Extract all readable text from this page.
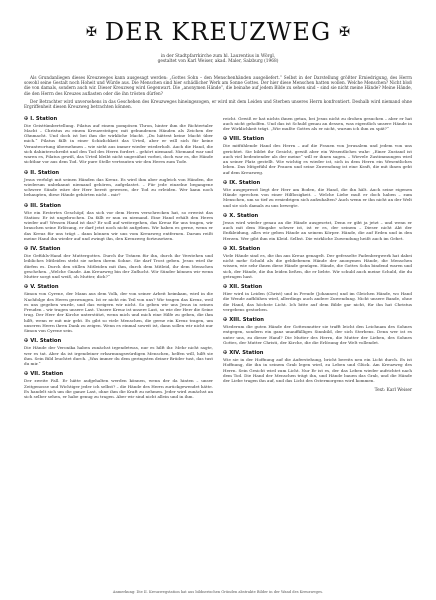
✠ DER KREUZWEG ✠
in der Stadtpfarrkirche zum hl. Laurentius in Wörgl,
gestaltet von Karl Weiser, akad. Maler, Salzburg (1968)

Als Grundanliegen dieses Kreuzweges kann ausgesagt werden: „Gottes Sohn – den Menschenhänden ausgeliefert.“ Selbst in der Darstellung größter Erniedrigung, des Herrn sowohl seine Gestalt noch Hoheit und Würde aus. Die Menschen sind hier schädlicher Werk am Sonne Gottes. Der hier diese Menschen hatten wollen. Welche Menschen? Nicht bloß die von damals, sondern auch wir. Dieser Kreuzweg wird Gegenwart. Die „anonymen Hände“, die beinahe auf jedem Bilde zu sehen sind – sind sie nicht meine Hände? Meine Hände, die den Herrn des Kreuzes auflasten oder die ihn trösten dürfen?

Der Betrachter wird unversehens in das Geschehen des Kreuzweges hineingezogen, er wird mit dem Leiden und Sterben unseres Herrn konfrontiert. Deshalb wird niemand ohne Ergriffenheit diesen Kreuzweg betrachten können.

✠ I. Station

Die Geisttümbertellung. Pilatus auf einem pompösen Thron, hinter ihm die Richtertaler Macht – Christus zu einem Kreuzesträger, mit gebundenen Händen als Zeichen der Ohnmacht. Und doch ist bei ihm die wirkliche Macht. „Du hättest keine Macht über mich.“ Pilatus fällt in einer Schizlichkeit das Urteil, aber er will sich für keine Verantwortung übernehmen – wie sieht aus immer wieder wiederholt. Auch die Hand, die sich dahinterschreibt und den Tod des Herrn fordert – gehört niemand. Niemand war und waren es, Pilatus gewiß, das Urteil bleibt nicht ungesühnt vorbei, doch war es, die Hände sichtbar vor aus dem Tod. Wir pure Stelle vertrauten wir den Herrn zum Tode.

✠ II. Station

Jesus verfolgt mit seinen Händen das Kreuz. Es wird ihm aber zugleich von Händen, die wiederum unbekannt niemand gehören, aufgelastet. – Für jede einzelne begangene schwere Sünde wäre der Herr bereit gewesen, der Tod zu erleiden. Wer kann noch behaupten, diese Hände gehörten nicht – mir?

✠ III. Station

Wie ein Erstertes Geschöpf, das sich vor dem Herrn verschrecken hat, so erweist das Station: Er ist ungebrochen. Da fällt er nun zu niemand. Eine Hand erhält den Herrn wieder auf! Wessen Hand ist das? Er soll auf weitergehen, das Kreuz für uns tragen, wir brauchen seine Erlösung, er darf jetzt noch nicht aufgeben. Wir haben es gerne, wenn er das Kreuz für uns trägt – dann können wir uns vom Kreuzweg entfernen. Darum reißt meine Hand ihn wieder auf und zwingt ihn, den Kreuzweg fortzusetzen.

✠ IV. Station

Die Gefühls-Hand der Muttergottes. Durch ihr Tränen für ihn, durch ihr Verstehen und leibliches Mitleiden steht sie neben ihrem Sohne. Sie darf Trost geben. Jesus wird ihr dürfen es. Durch den stillen Mitleiden mit ihm, durch dem Mitleid, ihr dem Menschen geschehen. „Welche Gnade. Am Kreuzweg bin der Zuflucht. Wir Sünder können wir wenn Mutter sorgt und weiß, oh Mutter, dich?“

✠ V. Station

Simon von Cyrene, der Mann aus dem Volk, der von seiner Arbeit heimkam, wird in die Nachfolge des Herrn gezwungen. Ist er nicht ein Teil von uns? Wir tragen das Kreuz, weil es uns gegeben wurde, und das weigern wir nicht. So geben wir uns Jesus in seinen Freuden – wir tragen unsere Last. Unsere Kreuz ist unsere Last, so wie der Herr die Seine trug. Der Herr der Kirche unterstützt, wenn mich und mich eine Hilfe zu geben, die ihm hilft, wenn er mit mir geht. Es gibt so viele Menschen, die gerne ein Kreuz tragen, um unseren Herrn ihren Dank zu zeigen. Wenn es einmal soweit ist, dann sollen wir nicht nur Simon von Cyrene sein.

✠ VI. Station

Die Hände der Veronika haben zunächst irgendetwas, nur es hilft ihr. Mehr nicht sagte, wer es tat. Aber da ist irgendeiner erbarmungswürdigen Menschen, helfen will, hilft sie ihm. Sein Bild leuchtet durch. „Was immer du dem geringsten deiner Brüder tust, das tust du mir.“

✠ VII. Station

Der zweite Fall. Er hätte aufgehalten werden können, wenn der da hinten – unser Zeitgenosse und Wichtiger jeder ich selbst? – die Hände des Herrn zurückgewendet hätte. Es handelt sich um die ganze Last, ohne ihm die Kraft zu nehmen. Jeder wird zunächst an sich selber sehen, er habe genug zu tragen. Aber wir sind nicht allein und in ihm.

reicht. Gewiß er hat nichts ihnen getan, bei Jesus nicht zu drohen gesuchen – aber er hat auch nicht geholfen. Und das ist Schuld genau an dessen, was eigentlich unsere Hände in der Wirklichkeit trägt. „Wie mußte Gottes als er nicht, warum ich ihm zu spät?“

✠ VIII. Station

Die mitfühlende Hand des Herrn – auf die Frauen von Jerusalem und jedem von uns gerichtet. Sie bildet ihr Gesicht, gewiß aber ein Wesentliches wahr: „Einer Zustand ist auch viel bedeutender als der meine“ will er ihnen sagen. – Wievele Zustimmungen wird an seiner Platz gestellt. Wie wichtig es wieder ist, sich in dem Herrn ein Wesentliches leben. Das Mitgefühl der Frauen und seine Zuwendung ist eine Kraft, die mit ihnen geht auf dem Kreuzweg.

✠ IX. Station

Wie ausgepresst liegt der Herr am Boden, die Hand, die ihn hält. Auch seine eigenen Hände sprechen von einer Hilflosigkeit. – Welche Liebe muß er doch haben – zum Menschen, um so tief zu erniedrigen sich aufzuhalten? Auch wenn er ihn nicht an der Welt und sie sich damals zu uns bewegte.

✠ X. Station

Jesus wird wieder genau an die Hände ausgesetzt, Denn er gibt ja jetzt – und wenn er auch mit dem Hingabe schwer ist, ist er es, der seinem – Dieser nicht Akt der Entkleidung, alles wir geben Hände an seinem Körper. Hände, die auf Erden und in den Herzen. Wer gibt ihm ein Kleid. Selbst. Die wirkliche Zuwendung heißt auch im Gebet.

✠ XI. Station

Viele Hände sind es, die ihn ans Kreuz genagelt. Der gefesselte Fadenbergwerk hat dabei nicht mehr Schuld als die gebliebenen Hände der anonymen Hände, die Menschen wissen, wie sehr ihnen diese Hände genügen. Hände, die Gottes Sohn bindend waren und sich, der Hände, die ihn leiden ließen, die er liebte. Wir schuld auch meine Schuld, die du getragen hast.

✠ XII. Station

Hier wird in Leiden (Christ) und in Freude (Johannes) und im Gleichen Hände, wo Hand die Wende aufblühen wird, allerdings auch andere Zuwendung. Nicht unsere Bande, ohne die Hand, das höchste Licht. Ich bitte auf dem Bilde gar nicht, für ihn hat Christus vergebens gestorben.

✠ XIII. Station

Wiederum die guten Hände der Gottesmutter sie trafft leicht den Leichnam des Sohnes entgegen, sondern ein ganz unauffälliges Sinnbild, der sich Sterbens. Denn wer ist es unter uns, zu dieser Hand? Die Mutter des Herrn, die Mutter der Lieben, des Sohnes Gottes, der Mutter Christi, der Kirche, die die Erlösung der Welt vollendet.

✠ XIV. Station

Wie sie in der Hoffnung auf die Auferstehung, bricht bereits neu ein Licht durch. Es ist Hoffnung, die ihn in seinem Grab legen wird, zu Leben und Glück. Am Kreuzweg des Herrn. Sein Gesicht wird zum Licht. Nur Er ist es, der das Leben wieder aufrichtet nach dem Tod. Die Hand der Menschen trägt ihn, und Hände bauen das Grab, und die Hände der Liebe tragen ihn auf, und das Licht des Ostermorgens wird kommen.

Text: Karl Weiser
Anmerkung: Die II. Kreuzwegstation hat aus bildnerischen Gründen abstrakte Bilder in der Wand des Kreuzweges.
